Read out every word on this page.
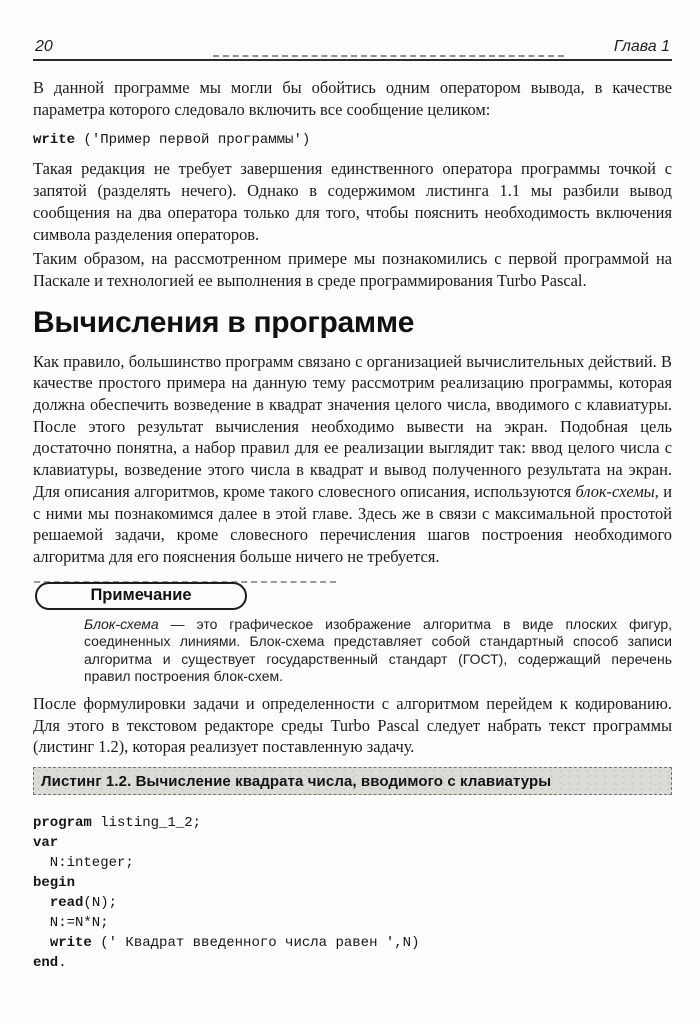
20	Глава 1

В данной программе мы могли бы обойтись одним оператором вывода, в качестве параметра которого следовало включить все сообщение целиком:

write ('Пример первой программы')

Такая редакция не требует завершения единственного оператора программы точкой с запятой (разделять нечего). Однако в содержимом листинга 1.1 мы разбили вывод сообщения на два оператора только для того, чтобы пояснить необходимость включения символа разделения операторов.

Таким образом, на рассмотренном примере мы познакомились с первой программой на Паскале и технологией ее выполнения в среде программирования Turbo Pascal.

Вычисления в программе

Как правило, большинство программ связано с организацией вычислительных действий. В качестве простого примера на данную тему рассмотрим реализацию программы, которая должна обеспечить возведение в квадрат значения целого числа, вводимого с клавиатуры. После этого результат вычисления необходимо вывести на экран. Подобная цель достаточно понятна, а набор правил для ее реализации выглядит так: ввод целого числа с клавиатуры, возведение этого числа в квадрат и вывод полученного результата на экран. Для описания алгоритмов, кроме такого словесного описания, используются блок-схемы, и с ними мы познакомимся далее в этой главе. Здесь же в связи с максимальной простотой решаемой задачи, кроме словесного перечисления шагов построения необходимого алгоритма для его пояснения больше ничего не требуется.

Примечание

Блок-схема — это графическое изображение алгоритма в виде плоских фигур, соединенных линиями. Блок-схема представляет собой стандартный способ записи алгоритма и существует государственный стандарт (ГОСТ), содержащий перечень правил построения блок-схем.

После формулировки задачи и определенности с алгоритмом перейдем к кодированию. Для этого в текстовом редакторе среды Turbo Pascal следует набрать текст программы (листинг 1.2), которая реализует поставленную задачу.

Листинг 1.2. Вычисление квадрата числа, вводимого с клавиатуры
program listing_1_2;
var
N:integer;
begin
read(N);
N:=N*N;
write (' Квадрат введенного числа равен ',N)
end.
